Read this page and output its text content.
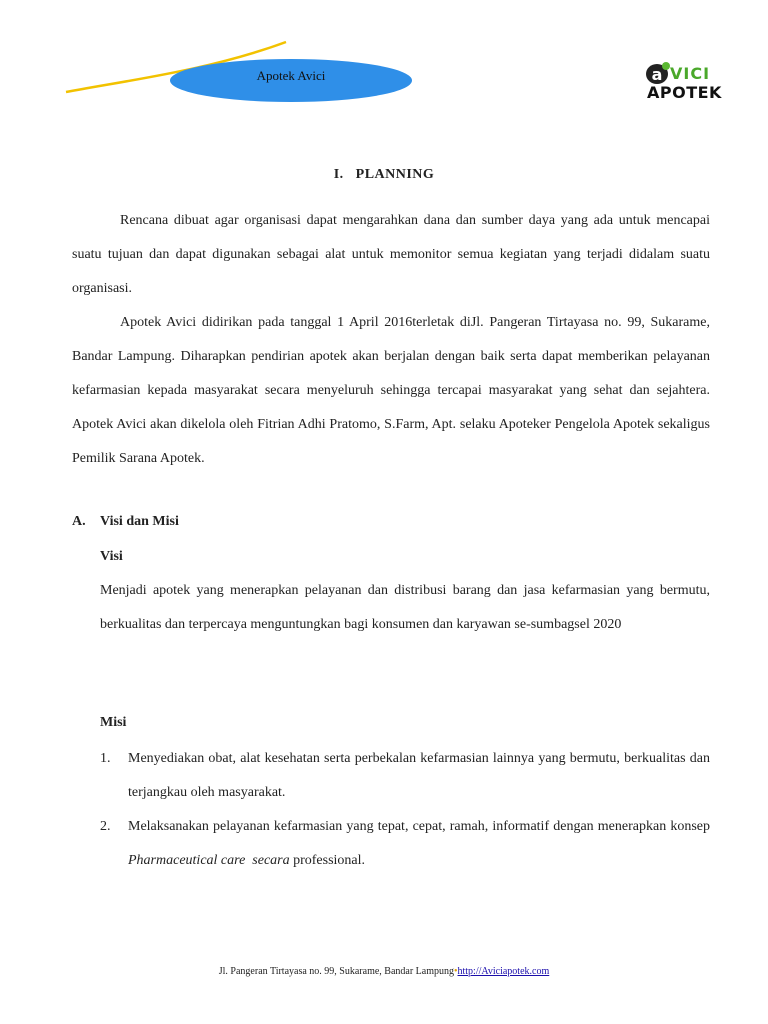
Apotek Avici	a VICI
APOTEK
I.   PLANNING

Rencana dibuat agar organisasi dapat mengarahkan dana dan sumber daya yang ada untuk mencapai suatu tujuan dan dapat digunakan sebagai alat untuk memonitor semua kegiatan yang terjadi didalam suatu organisasi.

Apotek Avici didirikan pada tanggal 1 April 2016terletak diJl. Pangeran Tirtayasa no. 99, Sukarame, Bandar Lampung. Diharapkan pendirian apotek akan berjalan dengan baik serta dapat memberikan pelayanan kefarmasian kepada masyarakat secara menyeluruh sehingga tercapai masyarakat yang sehat dan sejahtera. Apotek Avici akan dikelola oleh Fitrian Adhi Pratomo, S.Farm, Apt. selaku Apoteker Pengelola Apotek sekaligus Pemilik Sarana Apotek.

A. Visi dan Misi
Visi

Menjadi apotek yang menerapkan pelayanan dan distribusi barang dan jasa kefarmasian yang bermutu, berkualitas dan terpercaya menguntungkan bagi konsumen dan karyawan se-sumbagsel 2020

Misi
1.	Menyediakan obat, alat kesehatan serta perbekalan kefarmasian lainnya yang bermutu, berkualitas dan terjangkau oleh masyarakat.
2.	Melaksanakan pelayanan kefarmasian yang tepat, cepat, ramah, informatif dengan menerapkan konsep Pharmaceutical care  secara professional.
Jl. Pangeran Tirtayasa no. 99, Sukarame, Bandar Lampung•http://Aviciapotek.com
